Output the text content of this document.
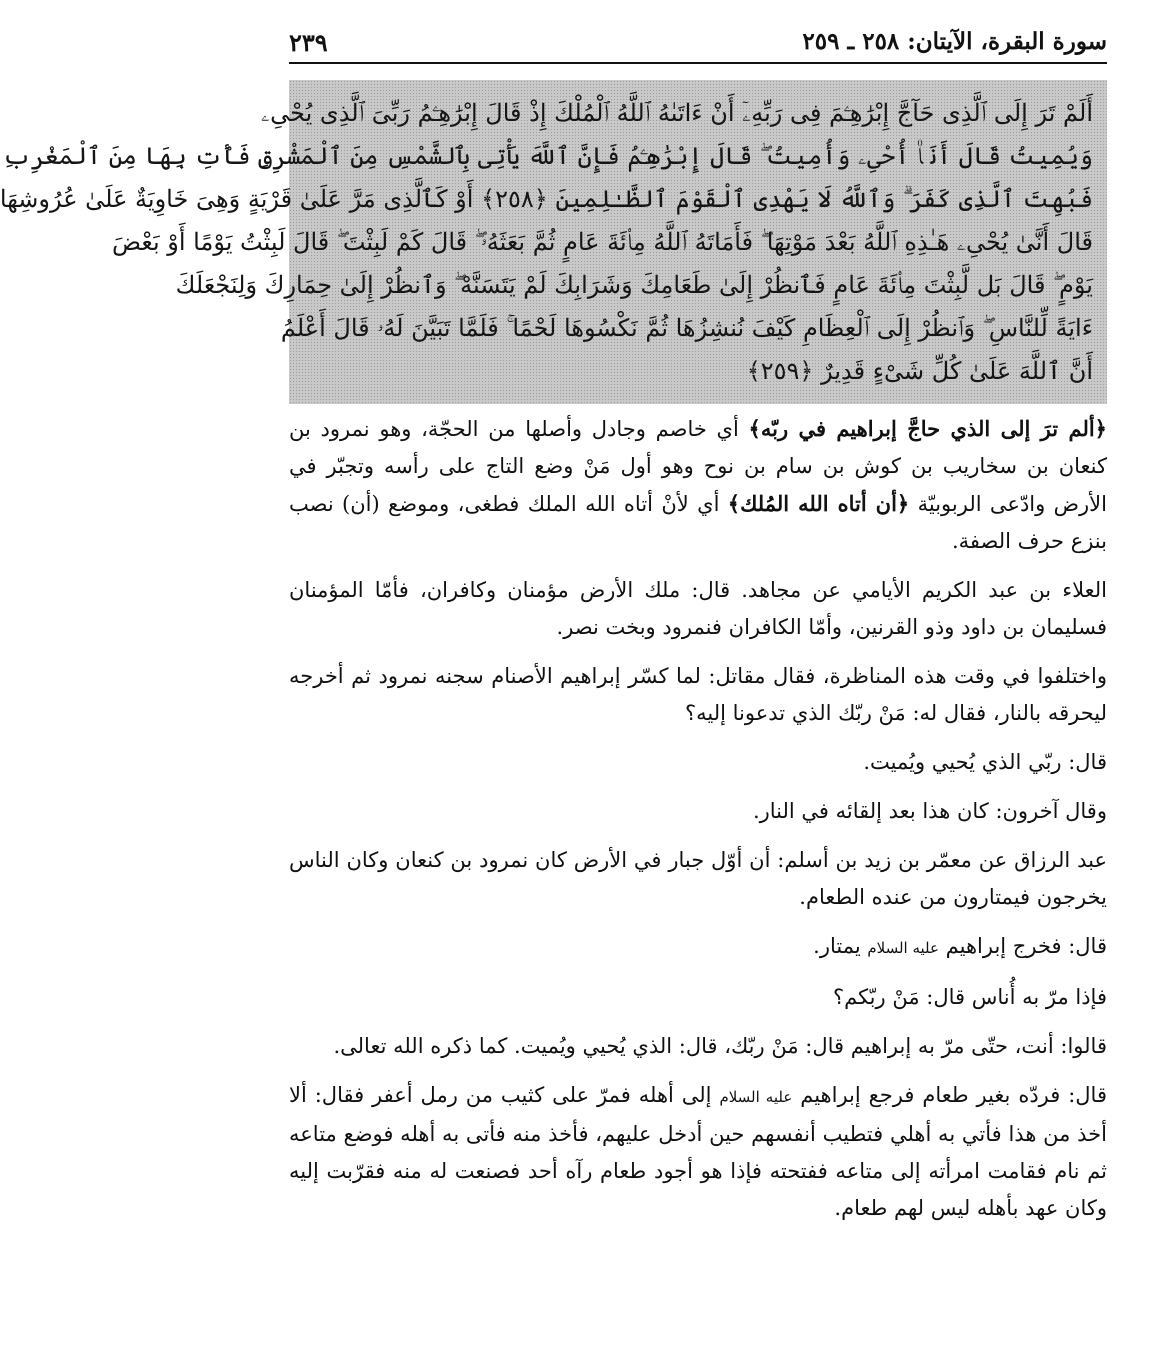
سورة البقرة، الآيتان: ٢٥٨ ـ ٢٥٩
٢٣٩
أَلَمْ تَرَ إِلَى ٱلَّذِى حَآجَّ إِبْرَٰهِـۧمَ فِى رَبِّهِۦٓ أَنْ ءَاتَىٰهُ ٱللَّهُ ٱلْمُلْكَ إِذْ قَالَ إِبْرَٰهِـۧمُ رَبِّىَ ٱلَّذِى يُحْىِۦ
وَيُمِيتُ قَالَ أَنَا۠ أُحْىِۦ وَأُمِيتُ ۖ قَالَ إِبْرَٰهِـۧمُ فَإِنَّ ٱللَّهَ يَأْتِى بِٱلشَّمْسِ مِنَ ٱلْمَشْرِقِ فَأْتِ بِهَا مِنَ ٱلْمَغْرِبِ
فَبُهِتَ ٱلَّذِى كَفَرَ ۗ وَٱللَّهُ لَا يَهْدِى ٱلْقَوْمَ ٱلظَّـٰلِمِينَ ﴿٢٥٨﴾ أَوْ كَٱلَّذِى مَرَّ عَلَىٰ قَرْيَةٍ وَهِىَ خَاوِيَةٌ عَلَىٰ عُرُوشِهَا
قَالَ أَنَّىٰ يُحْىِۦ هَـٰذِهِ ٱللَّهُ بَعْدَ مَوْتِهَا ۖ فَأَمَاتَهُ ٱللَّهُ مِا۟ئَةَ عَامٍ ثُمَّ بَعَثَهُۥ ۖ قَالَ كَمْ لَبِثْتَ ۖ قَالَ لَبِثْتُ يَوْمًا أَوْ بَعْضَ
يَوْمٍ ۖ قَالَ بَل لَّبِثْتَ مِا۟ئَةَ عَامٍ فَٱنظُرْ إِلَىٰ طَعَامِكَ وَشَرَابِكَ لَمْ يَتَسَنَّهْ ۖ وَٱنظُرْ إِلَىٰ حِمَارِكَ وَلِنَجْعَلَكَ
ءَايَةً لِّلنَّاسِ ۖ وَٱنظُرْ إِلَى ٱلْعِظَامِ كَيْفَ نُنشِزُهَا ثُمَّ نَكْسُوهَا لَحْمًا ۚ فَلَمَّا تَبَيَّنَ لَهُۥ قَالَ أَعْلَمُ
أَنَّ ٱللَّهَ عَلَىٰ كُلِّ شَىْءٍ قَدِيرٌ ﴿٢٥٩﴾
﴿ألم ترَ إلى الذي حاجَّ إبراهيم في ربّه﴾ أي خاصم وجادل وأصلها من الحجّة، وهو نمرود بن كنعان بن سخاريب بن كوش بن سام بن نوح وهو أول مَنْ وضع التاج على رأسه وتجبّر في الأرض وادّعى الربوبيّة ﴿أن أتاه الله المُلك﴾ أي لأنْ أتاه الله الملك فطغى، وموضع (أن) نصب بنزع حرف الصفة.

العلاء بن عبد الكريم الأيامي عن مجاهد. قال: ملك الأرض مؤمنان وكافران، فأمّا المؤمنان فسليمان بن داود وذو القرنين، وأمّا الكافران فنمرود وبخت نصر.

واختلفوا في وقت هذه المناظرة، فقال مقاتل: لما كسّر إبراهيم الأصنام سجنه نمرود ثم أخرجه ليحرقه بالنار، فقال له: مَنْ ربّك الذي تدعونا إليه؟

قال: ربّي الذي يُحيي ويُميت.

وقال آخرون: كان هذا بعد إلقائه في النار.

عبد الرزاق عن معمّر بن زيد بن أسلم: أن أوّل جبار في الأرض كان نمرود بن كنعان وكان الناس يخرجون فيمتارون من عنده الطعام.

قال: فخرج إبراهيم عليه السلام يمتار.

فإذا مرّ به أُناس قال: مَنْ ربّكم؟

قالوا: أنت، حتّى مرّ به إبراهيم قال: مَنْ ربّك، قال: الذي يُحيي ويُميت. كما ذكره الله تعالى.

قال: فردّه بغير طعام فرجع إبراهيم عليه السلام إلى أهله فمرّ على كثيب من رمل أعفر فقال: ألا أخذ من هذا فأتي به أهلي فتطيب أنفسهم حين أدخل عليهم، فأخذ منه فأتى به أهله فوضع متاعه ثم نام فقامت امرأته إلى متاعه ففتحته فإذا هو أجود طعام رآه أحد فصنعت له منه فقرّبت إليه وكان عهد بأهله ليس لهم طعام.
